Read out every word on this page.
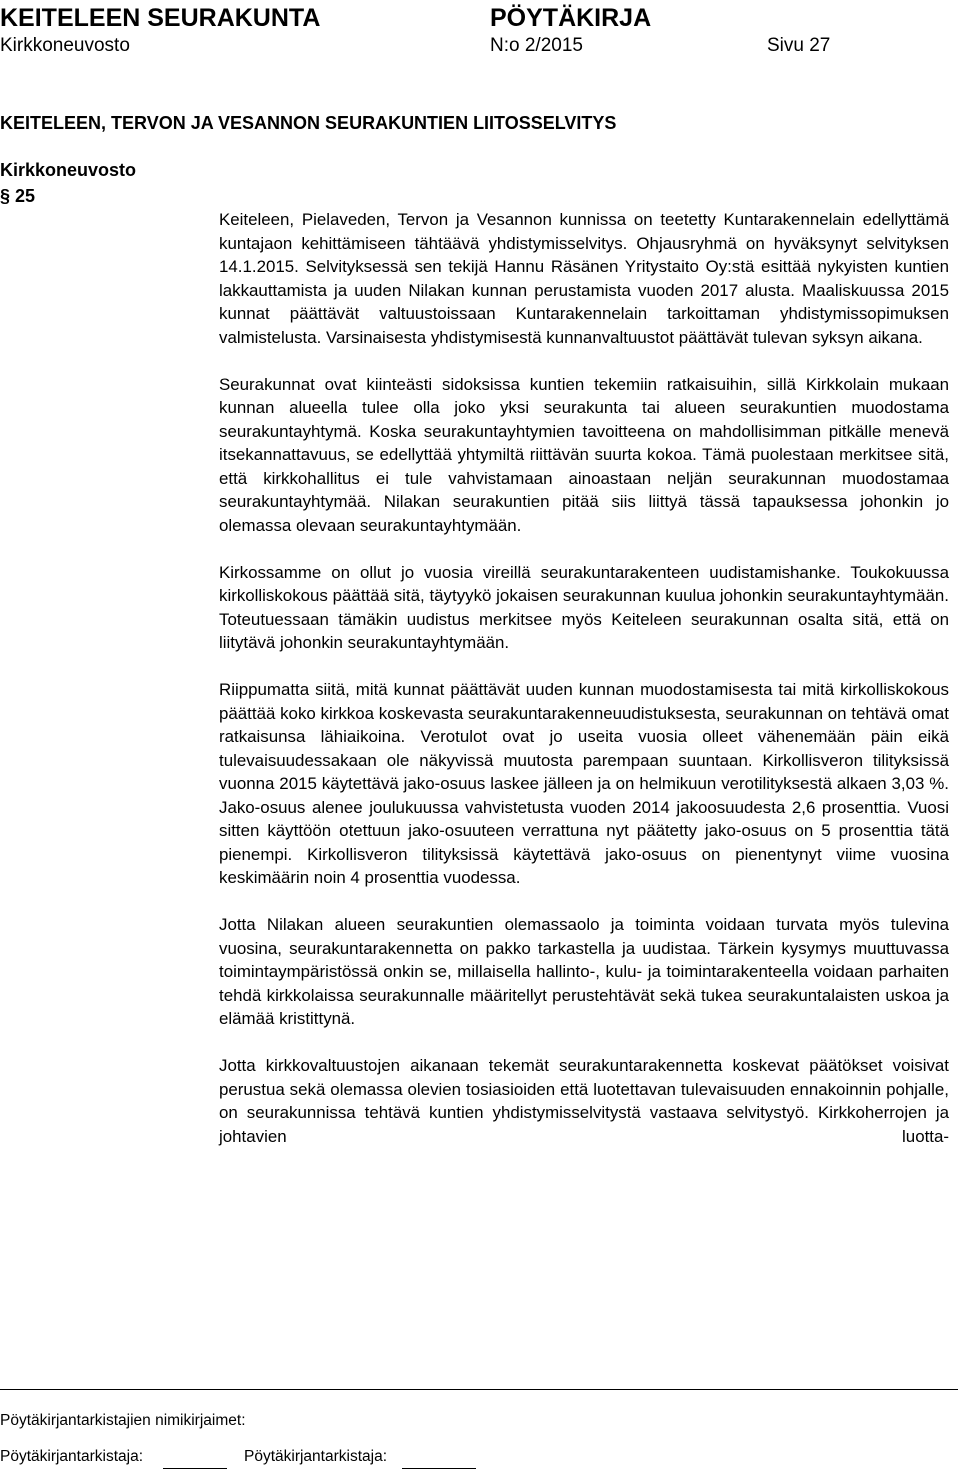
KEITELEEN SEURAKUNTA	PÖYTÄKIRJA
Kirkkoneuvosto	N:o 2/2015	Sivu 27
KEITELEEN, TERVON JA VESANNON SEURAKUNTIEN LIITOSSELVITYS
Kirkkoneuvosto
§ 25

Keiteleen, Pielaveden, Tervon ja Vesannon kunnissa on teetetty Kuntarakennelain edellyttämä kuntajaon kehittämiseen tähtäävä yhdistymisselvitys. Ohjausryhmä on hyväksynyt selvityksen 14.1.2015. Selvityksessä sen tekijä Hannu Räsänen Yritystaito Oy:stä esittää nykyisten kuntien lakkauttamista ja uuden Nilakan kunnan perustamista vuoden 2017 alusta. Maaliskuussa 2015 kunnat päättävät valtuustoissaan Kuntarakennelain tarkoittaman yhdistymissopimuksen valmistelusta. Varsinaisesta yhdistymisestä kunnanvaltuustot päättävät tulevan syksyn aikana.

Seurakunnat ovat kiinteästi sidoksissa kuntien tekemiin ratkaisuihin, sillä Kirkkolain mukaan kunnan alueella tulee olla joko yksi seurakunta tai alueen seurakuntien muodostama seurakuntayhtymä. Koska seurakuntayhtymien tavoitteena on mahdollisimman pitkälle menevä itsekannattavuus, se edellyttää yhtymiltä riittävän suurta kokoa. Tämä puolestaan merkitsee sitä, että kirkkohallitus ei tule vahvistamaan ainoastaan neljän seurakunnan muodostamaa seurakuntayhtymää. Nilakan seurakuntien pitää siis liittyä tässä tapauksessa johonkin jo olemassa olevaan seurakuntayhtymään.

Kirkossamme on ollut jo vuosia vireillä seurakuntarakenteen uudistamishanke. Toukokuussa kirkolliskokous päättää sitä, täytyykö jokaisen seurakunnan kuulua johonkin seurakuntayhtymään. Toteutuessaan tämäkin uudistus merkitsee myös Keiteleen seurakunnan osalta sitä, että on liitytävä johonkin seurakuntayhtymään.

Riippumatta siitä, mitä kunnat päättävät uuden kunnan muodostamisesta tai mitä kirkolliskokous päättää koko kirkkoa koskevasta seurakuntarakenneuudistuksesta, seurakunnan on tehtävä omat ratkaisunsa lähiaikoina. Verotulot ovat jo useita vuosia olleet vähenemään päin eikä tulevaisuudessakaan ole näkyvissä muutosta parempaan suuntaan. Kirkollisveron tilityksissä vuonna 2015 käytettävä jako-osuus laskee jälleen ja on helmikuun verotilityksestä alkaen 3,03 %. Jako-osuus alenee joulukuussa vahvistetusta vuoden 2014 jakoosuudesta 2,6 prosenttia. Vuosi sitten käyttöön otettuun jako-osuuteen verrattuna nyt päätetty jako-osuus on 5 prosenttia tätä pienempi. Kirkollisveron tilityksissä käytettävä jako-osuus on pienentynyt viime vuosina keskimäärin noin 4 prosenttia vuodessa.

Jotta Nilakan alueen seurakuntien olemassaolo ja toiminta voidaan turvata myös tulevina vuosina, seurakuntarakennetta on pakko tarkastella ja uudistaa. Tärkein kysymys muuttuvassa toimintaympäristössä onkin se, millaisella hallinto-, kulu- ja toimintarakenteella voidaan parhaiten tehdä kirkkolaissa seurakunnalle määritellyt perustehtävät sekä tukea seurakuntalaisten uskoa ja elämää kristittynä.

Jotta kirkkovaltuustojen aikanaan tekemät seurakuntarakennetta koskevat päätökset voisivat perustua sekä olemassa olevien tosiasioiden että luotettavan tulevaisuuden ennakoinnin pohjalle, on seurakunnissa tehtävä kuntien yhdistymisselvitystä vastaava selvitystyö. Kirkkoherrojen ja johtavien luotta-

Pöytäkirjantarkistajien nimikirjaimet:
Pöytäkirjantarkistaja:	Pöytäkirjantarkistaja:
